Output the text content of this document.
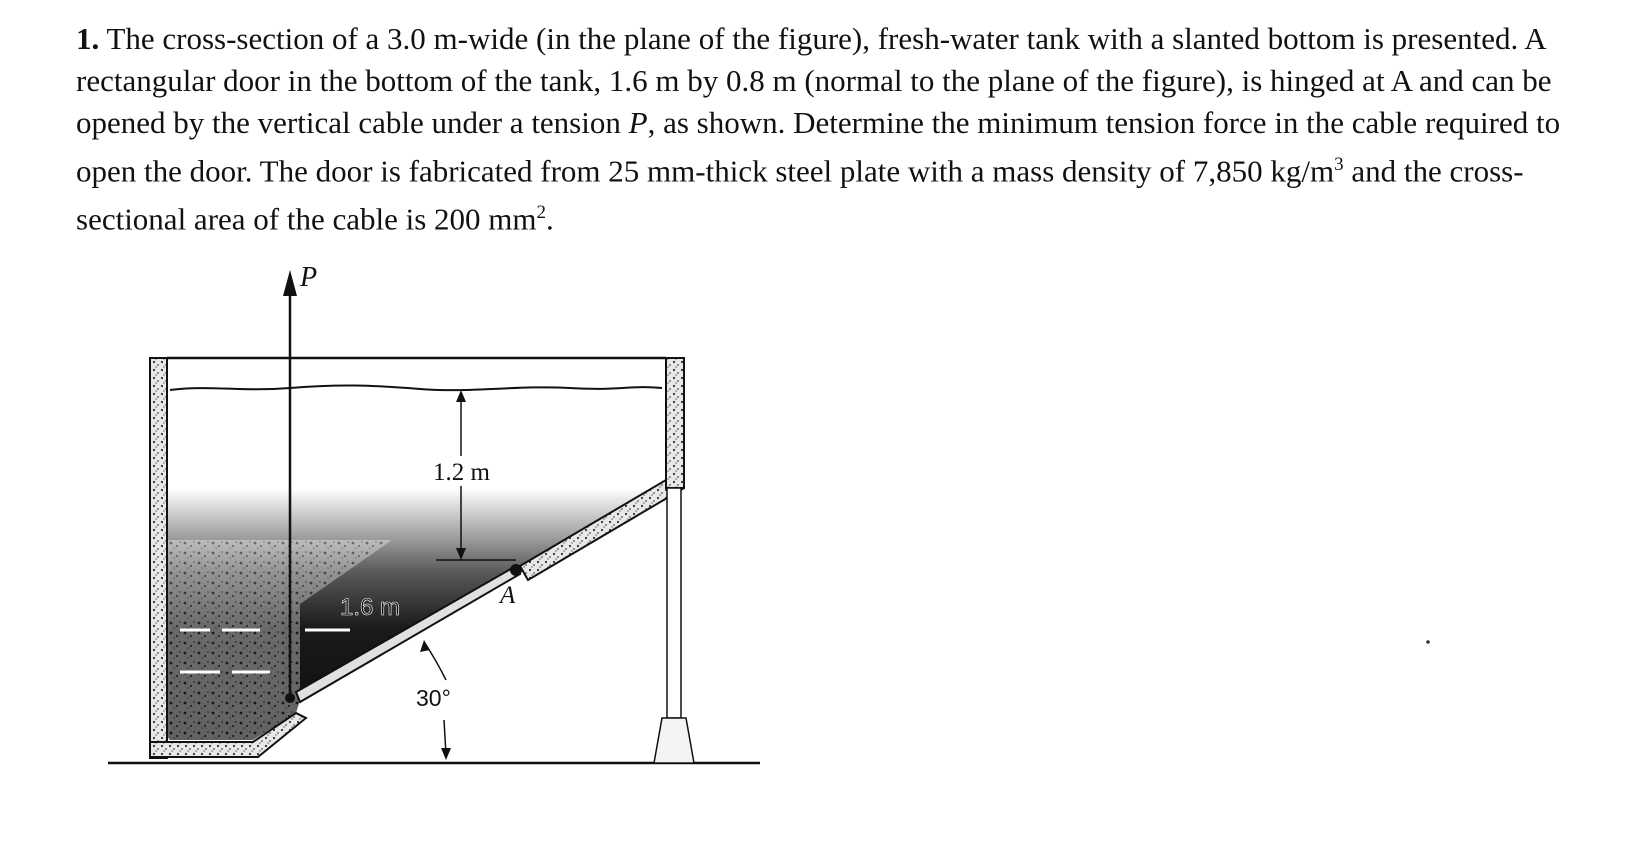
1. The cross-section of a 3.0 m-wide (in the plane of the figure), fresh-water tank with a slanted bottom is presented. A rectangular door in the bottom of the tank, 1.6 m by 0.8 m (normal to the plane of the figure), is hinged at A and can be opened by the vertical cable under a tension P, as shown. Determine the minimum tension force in the cable required to open the door. The door is fabricated from 25 mm-thick steel plate with a mass density of 7,850 $kg/m^3$ and the cross-sectional area of the cable is 200 $mm^2$.
P
1.2 m
A
1.6 m
30°
